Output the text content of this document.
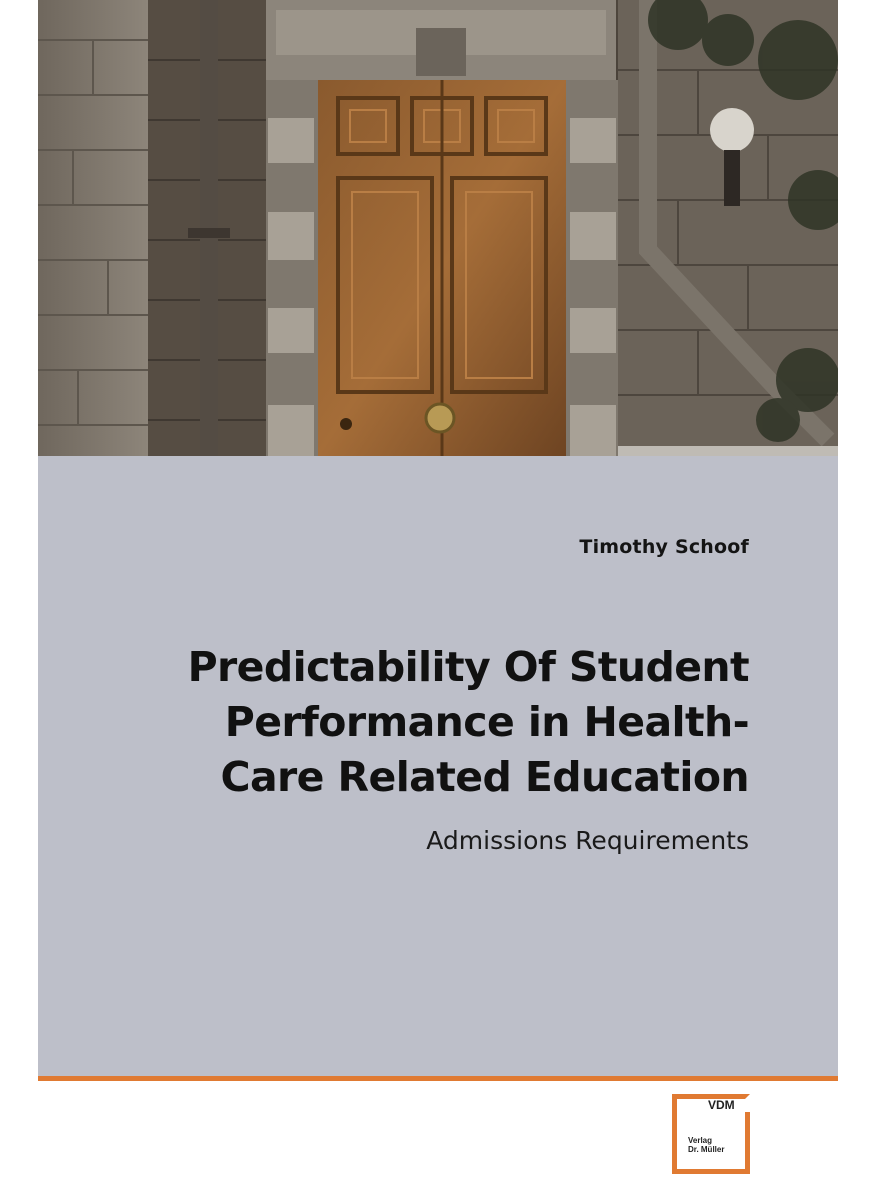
Timothy Schoof
Predictability Of Student
Performance in Health-
Care Related Education
Admissions Requirements
VDM
Verlag
Dr. Müller
